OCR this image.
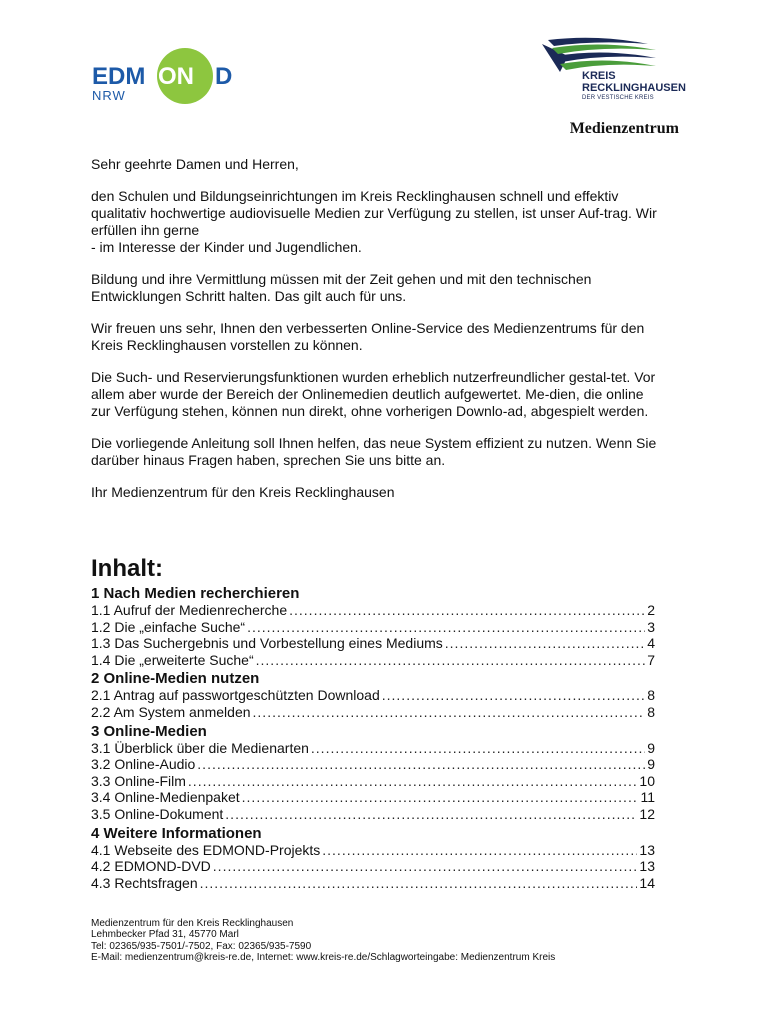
EDM ON D
NRW
KREIS
RECKLINGHAUSEN
DER VESTISCHE KREIS
Medienzentrum

Sehr geehrte Damen und Herren,

den Schulen und Bildungseinrichtungen im Kreis Recklinghausen schnell und effektiv qualitativ hochwertige audiovisuelle Medien zur Verfügung zu stellen, ist unser Auf-trag. Wir erfüllen ihn gerne
- im Interesse der Kinder und Jugendlichen.

Bildung und ihre Vermittlung müssen mit der Zeit gehen und mit den technischen Entwicklungen Schritt halten. Das gilt auch für uns.

Wir freuen uns sehr, Ihnen den verbesserten Online-Service des Medienzentrums für den Kreis Recklinghausen vorstellen zu können.

Die Such- und Reservierungsfunktionen wurden erheblich nutzerfreundlicher gestal-tet. Vor allem aber wurde der Bereich der Onlinemedien deutlich aufgewertet. Me-dien, die online zur Verfügung stehen, können nun direkt, ohne vorherigen Downlo-ad, abgespielt werden.

Die vorliegende Anleitung soll Ihnen helfen, das neue System effizient zu nutzen. Wenn Sie darüber hinaus Fragen haben, sprechen Sie uns bitte an.

Ihr Medienzentrum für den Kreis Recklinghausen

Inhalt:
1 Nach Medien recherchieren
1.1 Aufruf der Medienrecherche .....	2
1.2 Die „einfache Suche“ .....	3
1.3 Das Suchergebnis und Vorbestellung eines Mediums .....	4
1.4 Die „erweiterte Suche“ .....	7
2 Online-Medien nutzen
2.1 Antrag auf passwortgeschützten Download .....	8
2.2 Am System anmelden .....	8
3 Online-Medien
3.1 Überblick über die Medienarten .....	9
3.2 Online-Audio .....	9
3.3 Online-Film .....	10
3.4 Online-Medienpaket .....	11
3.5 Online-Dokument .....	12
4 Weitere Informationen
4.1 Webseite des EDMOND-Projekts .....	13
4.2 EDMOND-DVD .....	13
4.3 Rechtsfragen .....	14
Medienzentrum für den Kreis Recklinghausen
Lehmbecker Pfad 31, 45770 Marl
Tel: 02365/935-7501/-7502, Fax: 02365/935-7590
E-Mail: medienzentrum@kreis-re.de, Internet: www.kreis-re.de/Schlagworteingabe: Medienzentrum Kreis
